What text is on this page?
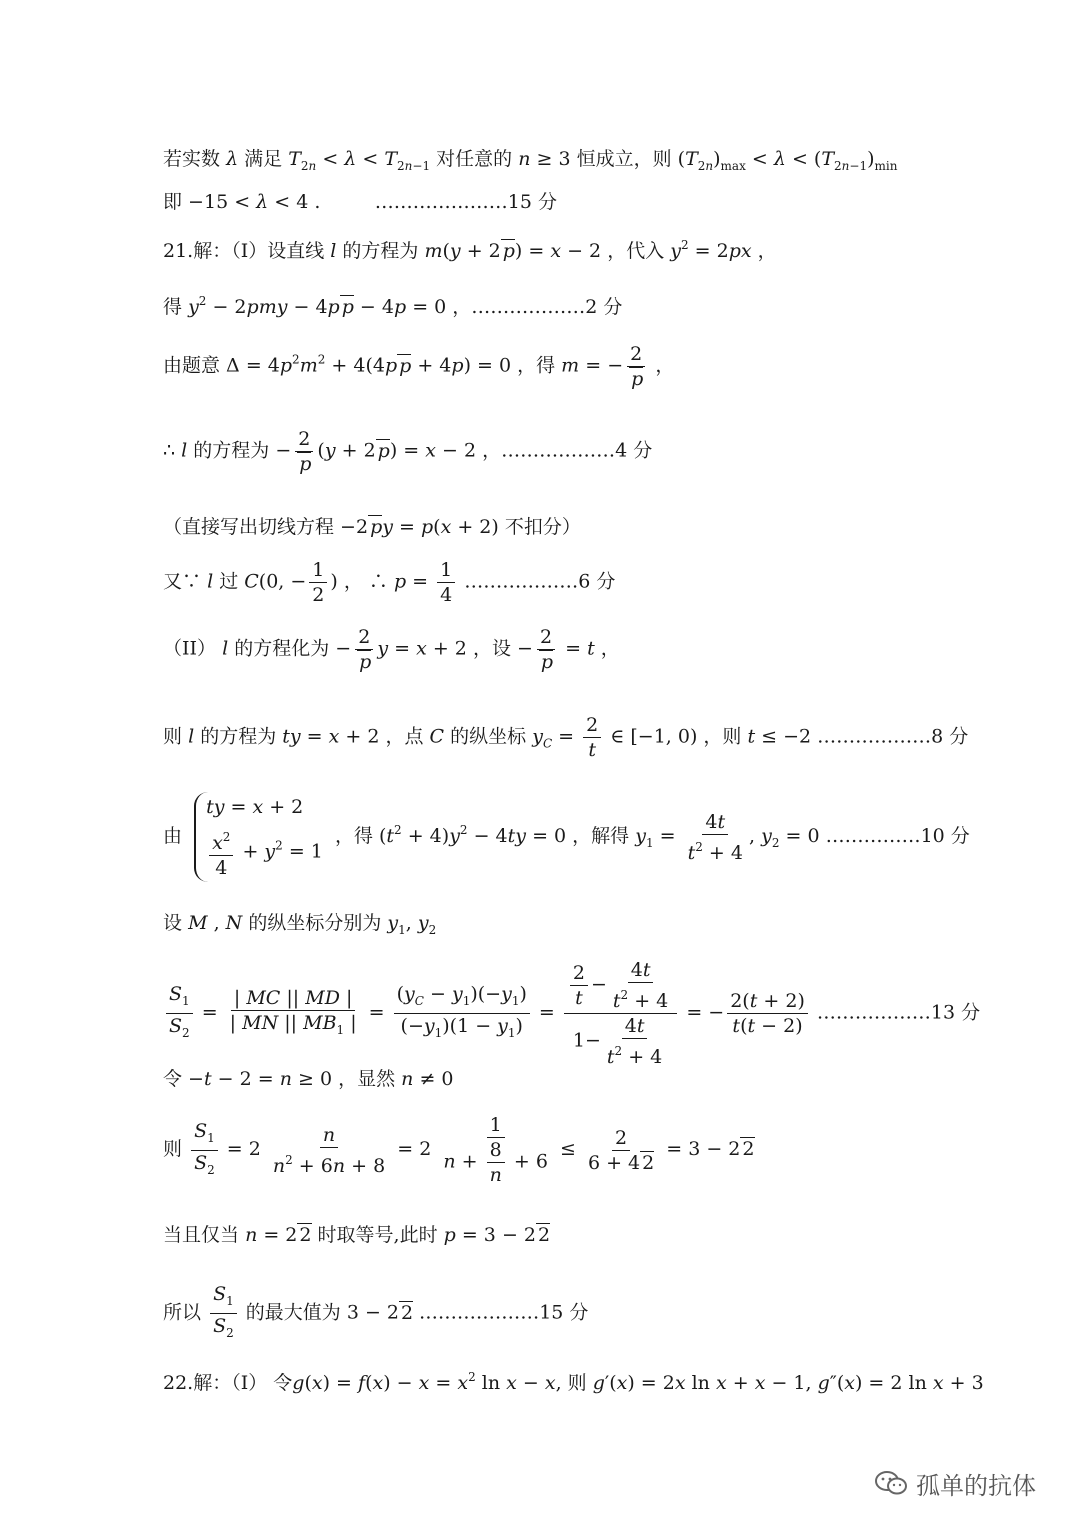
若实数 λ 满足 $T_{2n} < \lambda < T_{2n-1}$ 对任意的 n ≥ 3 恒成立，则 $(T_{2n})_{max} < \lambda < (T_{2n-1})_{min}$
即 −15 < λ < 4 .         …………………15 分
21.解：（I）设直线 l 的方程为 m(y + 2 p) = x − 2 ，代入 $y^2 = 2px$ ，
得 $y^2 - 2pmy - 4p$ p − 4p = 0 ，………………2 分
由题意 $\Delta = 4p^2m^2 + 4(4p$ p + 4p) = 0 ，得 m = − $\frac{2}{p}$ ，
∴ l 的方程为 − $\frac{2}{p} (y + 2$ p) = x − 2 ，………………4 分
（直接写出切线方程 −2 py = p(x + 2) 不扣分）
又∵ l 过 C(0, − $\frac{1}{2}$ ) ， ∴ $p = \frac{1}{4}$ ………………6 分
（II） l 的方程化为 − $\frac{2}{p}$ y = x + 2 ，设 − $\frac{2}{p} = t$ ，
则 l 的方程为 ty = x + 2 ，点 C 的纵坐标 $y_C = \frac{2}{t}$ ∈ [−1, 0) ，则 t ≤ −2 ………………8 分
由
ty = x + 2
$\frac{x^2}{4} + y^2 = 1$
，得 $(t^2 + 4)y^2 - 4ty = 0$ ，解得 $y_1 = \frac{4t}{t^2 + 4}$ , $y_2 = 0$ ……………10 分
设 M , N 的纵坐标分别为 $y_1$, $y_2$
$\frac{S_1}{S_2} = \frac{| MC || MD |}{| MN || MB_1 |} = \frac{(y_C - y_1)(-y_1)}{(-y_1)(1 - y_1)} = \frac{\frac{2}{t} - \frac{4t}{t^2 + 4}}{1- \frac{4t}{t^2 + 4}}$ = − $\frac{2(t + 2)}{t(t - 2)}$ ………………13 分
令 −t − 2 = n ≥ 0 ，显然 n ≠ 0
则 $\frac{S_1}{S_2} = 2 \frac{n}{n^2 + 6n + 8} = 2 \frac{1}{n + \frac{8}{n} + 6} \le \frac{2}{6 + 4 2} = 3 - 2$ 2
当且仅当 n = 2 2 时取等号,此时 p = 3 − 2 2
所以 $\frac{S_1}{S_2}$ 的最大值为 3 − 2 2 .………………15 分
22.解：（Ⅰ） 令$g(x) = f(x) - x = x^2$ ln x − x, 则 g′(x) = 2x ln x + x − 1, g″(x) = 2 ln x + 3
孤单的抗体
